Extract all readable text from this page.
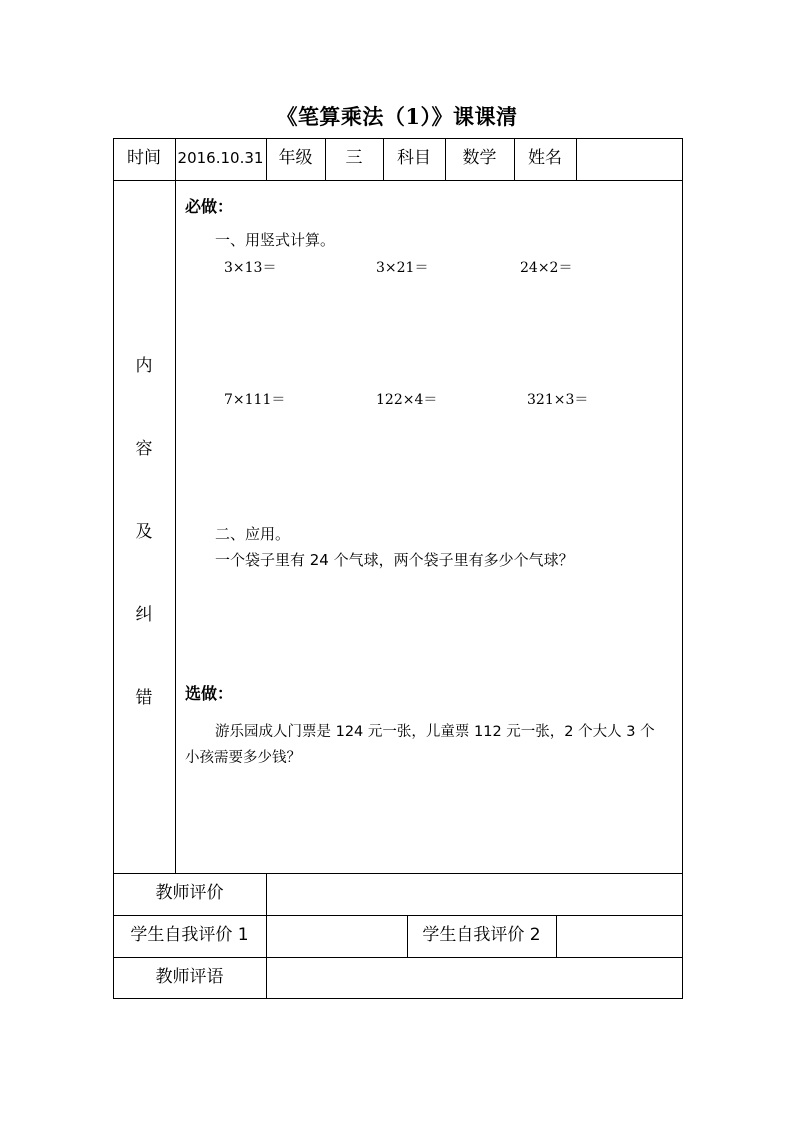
《笔算乘法（1）》课课清
时间	2016.10.31 年级	三	科目	数学	姓名
内
容
及
纠
错
必做：
一、用竖式计算。
3×13＝	3×21＝	24×2＝
7×111＝	122×4＝	321×3＝
二、应用。
一个袋子里有 24 个气球，两个袋子里有多少个气球？
选做：
游乐园成人门票是 124 元一张，儿童票 112 元一张，2 个大人 3 个
小孩需要多少钱？
教师评价
学生自我评价 1	学生自我评价 2
教师评语
